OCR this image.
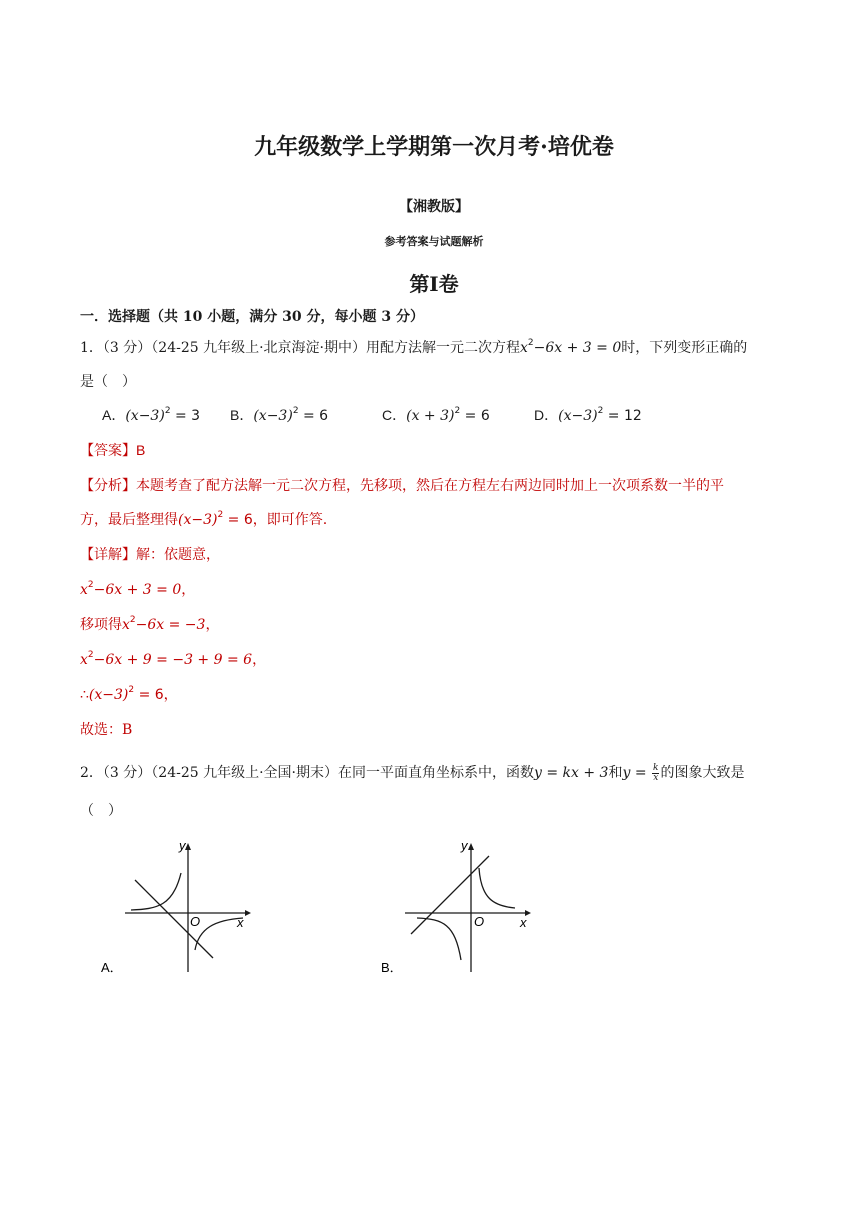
九年级数学上学期第一次月考·培优卷
【湘教版】
参考答案与试题解析
第Ⅰ卷
一．选择题（共 10 小题，满分 30 分，每小题 3 分）
1．（3 分）（24-25 九年级上·北京海淀·期中）用配方法解一元二次方程$x^2-6x + 3 = 0$时，下列变形正确的
是（　）
A．$(x-3)^2 = 3$ B．$(x-3)^2 = 6$	C．$(x + 3)^2 = 6$	D．$(x-3)^2 = 12$
【答案】B
【分析】本题考查了配方法解一元二次方程，先移项，然后在方程左右两边同时加上一次项系数一半的平
方，最后整理得$(x-3)^2 = 6$，即可作答.
【详解】解：依题意，
$x^2-6x + 3 = 0$，
移项得$x^2-6x = -3$，
$x^2-6x + 9 = -3 + 9 = 6$，
$\therefore(x-3)^2 = 6$，
故选：B
2．（3 分）（24-25 九年级上·全国·期末）在同一平面直角坐标系中，函数y = kx + 3和$y = \frac{k}{x}$ 的图象大致是
（　）
y
x
O
A．
y
x
O
B．
